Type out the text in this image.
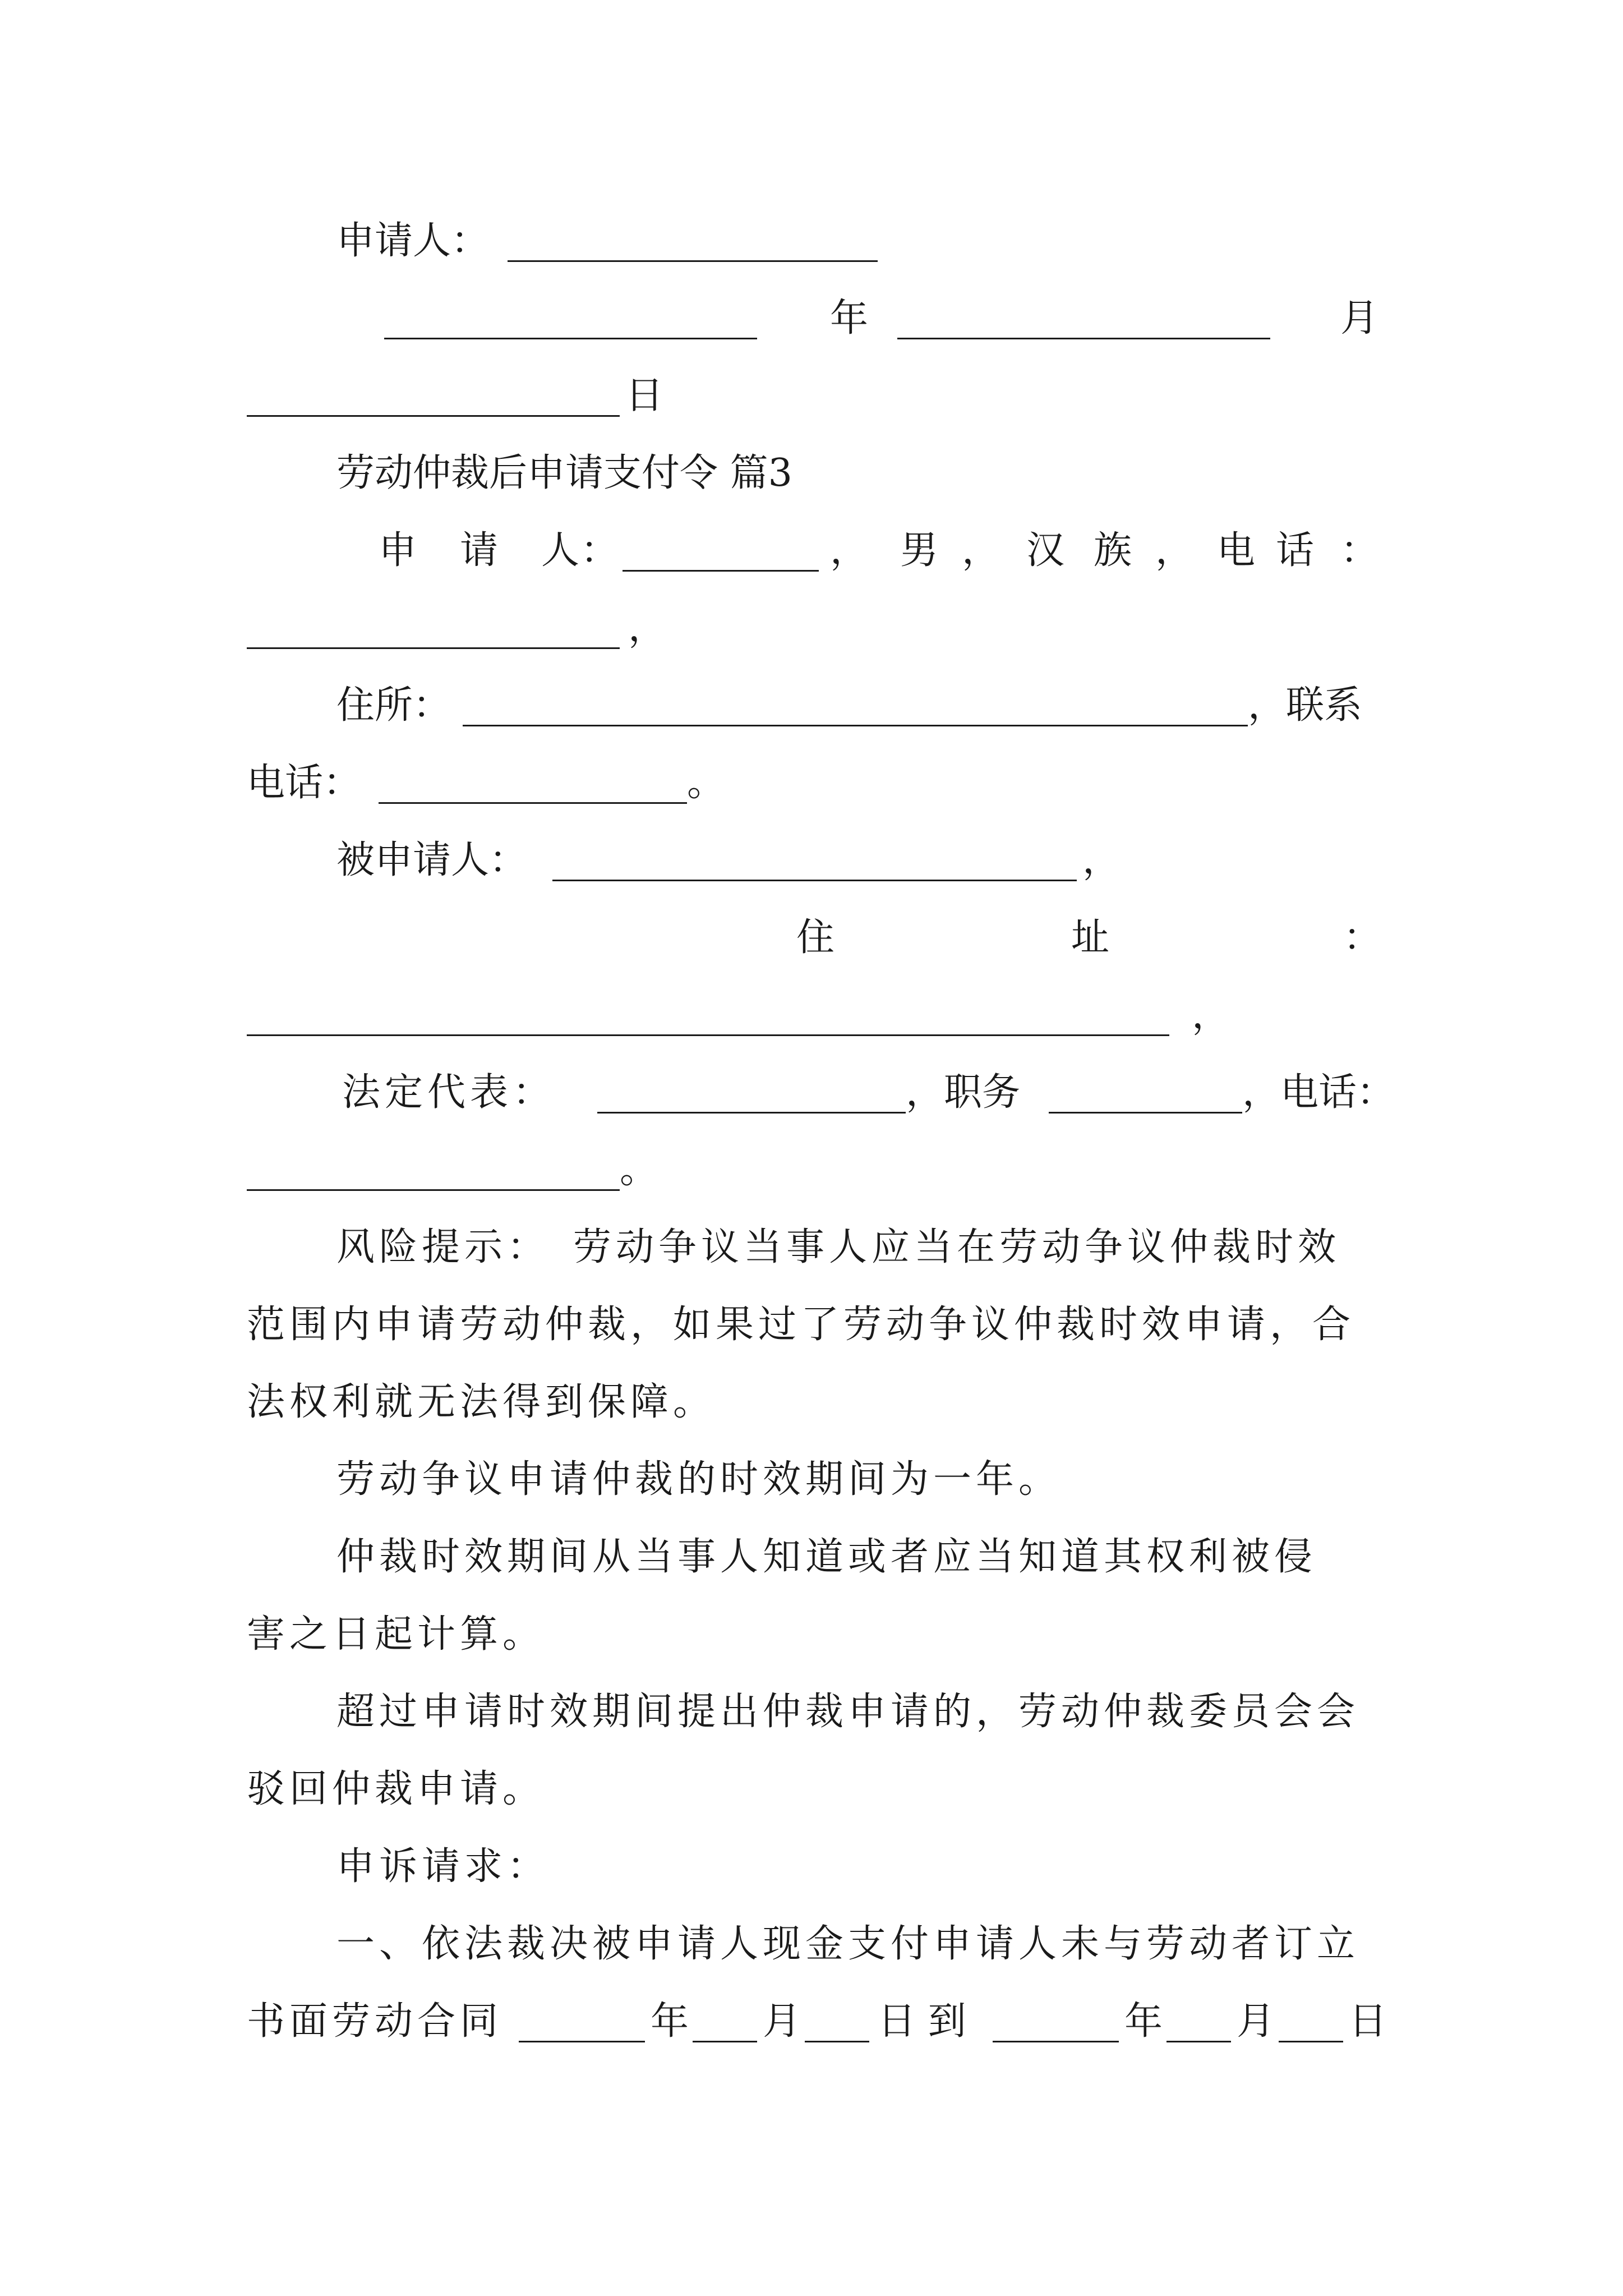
申请人：
年	月
日
劳动仲裁后申请支付令 篇3
申 请 人 ：	， 男 ， 汉 族 ， 电 话 ：
，
住所：	，联系
电话：	。
被申请人：	，
住	址	：
，
法定代表：	，职务	，电话：
。
风险提示：　劳动争议当事人应当在劳动争议仲裁时效
范围内申请劳动仲裁，如果过了劳动争议仲裁时效申请，合
法权利就无法得到保障。
劳动争议申请仲裁的时效期间为一年。
仲裁时效期间从当事人知道或者应当知道其权利被侵
害之日起计算。
超过申请时效期间提出仲裁申请的，劳动仲裁委员会会
驳回仲裁申请。
申诉请求：
一、依法裁决被申请人现金支付申请人未与劳动者订立
书面劳动合同	年 月 日 到	年 月 日
